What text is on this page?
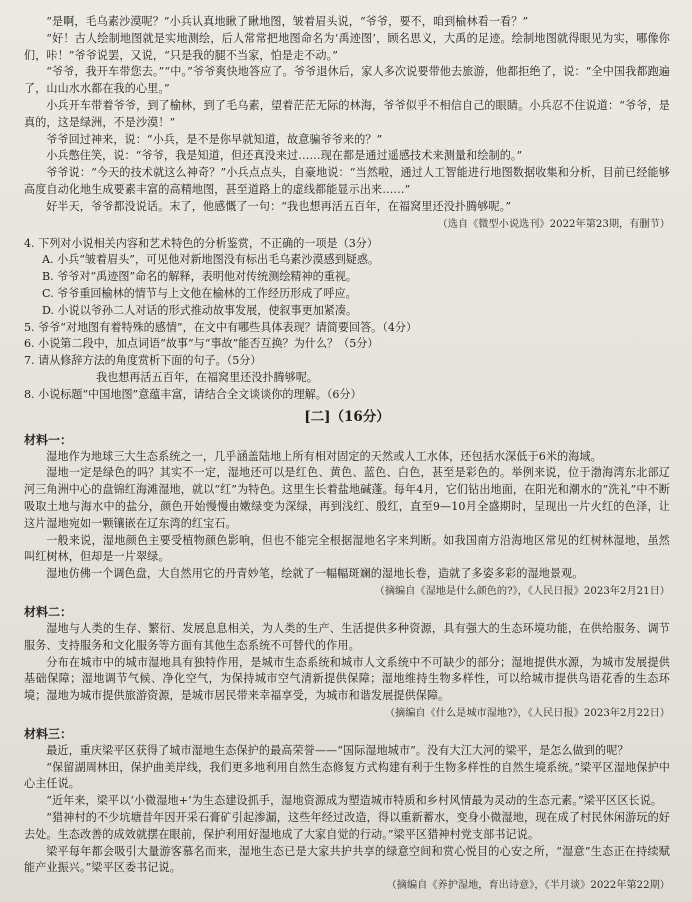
“是啊，毛乌素沙漠呢？”小兵认真地瞅了瞅地图，皱着眉头说，“爷爷，要不，咱到榆林看一看？”

“好！古人绘制地图就是实地测绘，后人常常把地图命名为‘禹迹图’，顾名思义，大禹的足迹。绘制地图就得眼见为实，哪像你们，咔！”爷爷说罢，又说，“只是我的腿不当家，怕是走不动。”

“爷爷，我开车带您去。”“中。”爷爷爽快地答应了。爷爷退休后，家人多次说要带他去旅游，他都拒绝了，说：“全中国我都跑遍了，山山水水都在我的心里。”

小兵开车带着爷爷，到了榆林，到了毛乌素，望着茫茫无际的林海，爷爷似乎不相信自己的眼睛。小兵忍不住说道：“爷爷，是真的，这是绿洲，不是沙漠！”

爷爷回过神来，说：“小兵，是不是你早就知道，故意骗爷爷来的？”

小兵憋住笑，说：“爷爷，我是知道，但还真没来过……现在都是通过遥感技术来测量和绘制的。”

爷爷说：“今天的技术就这么神奇？”小兵点点头，自豪地说：“当然啦，通过人工智能进行地图数据收集和分析，目前已经能够高度自动化地生成要素丰富的高精地图，甚至道路上的虚线都能显示出来……”

好半天，爷爷都没说话。末了，他感慨了一句：“我也想再活五百年，在福窝里还没扑腾够呢。”

（选自《微型小说选刊》2022年第23期，有删节）

4. 下列对小说相关内容和艺术特色的分析鉴赏，不正确的一项是（3分）

A. 小兵“皱着眉头”，可见他对新地图没有标出毛乌素沙漠感到疑惑。

B. 爷爷对“禹迹图”命名的解释，表明他对传统测绘精神的重视。

C. 爷爷重回榆林的情节与上文他在榆林的工作经历形成了呼应。

D. 小说以爷孙二人对话的形式推动故事发展，使叙事更加紧凑。

5. 爷爷“对地图有着特殊的感情”，在文中有哪些具体表现？请简要回答。（4分）

6. 小说第二段中，加点词语“故事”与“事故”能否互换？为什么？（5分）

7. 请从修辞方法的角度赏析下面的句子。（5分）

我也想再活五百年，在福窝里还没扑腾够呢。

8. 小说标题“中国地图”意蕴丰富，请结合全文谈谈你的理解。（6分）

[二]（16分）
材料一：

湿地作为地球三大生态系统之一，几乎涵盖陆地上所有相对固定的天然或人工水体，还包括水深低于6米的海域。

湿地一定是绿色的吗？其实不一定，湿地还可以是红色、黄色、蓝色、白色，甚至是彩色的。举例来说，位于渤海湾东北部辽河三角洲中心的盘锦红海滩湿地，就以“红”为特色。这里生长着盐地碱蓬。每年4月，它们钻出地面，在阳光和潮水的“洗礼”中不断吸取土地与海水中的盐分，颜色开始慢慢由嫩绿变为深绿，再到浅红、殷红，直至9—10月全盛期时，呈现出一片火红的色泽，让这片湿地宛如一颗镶嵌在辽东湾的红宝石。

一般来说，湿地颜色主要受植物颜色影响，但也不能完全根据湿地名字来判断。如我国南方沿海地区常见的红树林湿地，虽然叫红树林，但却是一片翠绿。

湿地仿佛一个调色盘，大自然用它的丹青妙笔，绘就了一幅幅斑斓的湿地长卷，造就了多姿多彩的湿地景观。

（摘编自《湿地是什么颜色的?》，《人民日报》2023年2月21日）

材料二：

湿地与人类的生存、繁衍、发展息息相关，为人类的生产、生活提供多种资源，具有强大的生态环境功能，在供给服务、调节服务、支持服务和文化服务等方面有其他生态系统不可替代的作用。

分布在城市中的城市湿地具有独特作用，是城市生态系统和城市人文系统中不可缺少的部分；湿地提供水源，为城市发展提供基础保障；湿地调节气候、净化空气，为保持城市空气清新提供保障；湿地维持生物多样性，可以给城市提供鸟语花香的生态环境；湿地为城市提供旅游资源，是城市居民带来幸福享受，为城市和谐发展提供保障。

（摘编自《什么是城市湿地?》，《人民日报》2023年2月22日）

材料三：

最近，重庆梁平区获得了城市湿地生态保护的最高荣誉——“国际湿地城市”。没有大江大河的梁平，是怎么做到的呢？

“保留湖周林田，保护曲美岸线，我们更多地利用自然生态修复方式构建有利于生物多样性的自然生境系统。”梁平区湿地保护中心主任说。

“近年来，梁平以‘小微湿地+’为生态建设抓手，湿地资源成为塑造城市特质和乡村风情最为灵动的生态元素。”梁平区区长说。

“猎神村的不少坑塘昔年因开采石膏矿引起渗漏，这些年经过改造，得以重新蓄水，变身小微湿地，现在成了村民休闲游玩的好去处。生态改善的成效就摆在眼前，保护利用好湿地成了大家自觉的行动。”梁平区猎神村党支部书记说。

梁平每年都会吸引大量游客慕名而来，湿地生态已是大家共护共享的绿意空间和赏心悦目的心安之所，“湿意”生态正在持续赋能产业振兴。”梁平区委书记说。

（摘编自《养护湿地，育出诗意》，《半月谈》2022年第22期）
